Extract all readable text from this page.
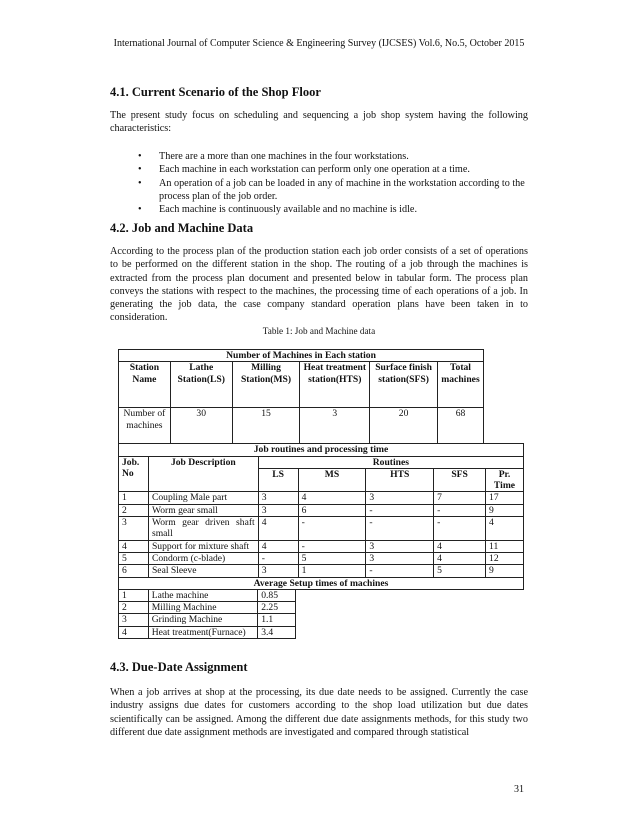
International Journal of Computer Science & Engineering Survey (IJCSES) Vol.6, No.5, October 2015
4.1. Current Scenario of the Shop Floor

The present study focus on scheduling and sequencing a job shop system having the following characteristics:

• There are a more than one machines in the four workstations.
• Each machine in each workstation can perform only one operation at a time.
• An operation of a job can be loaded in any of machine in the workstation according to the process plan of the job order.
• Each machine is continuously available and no machine is idle.
4.2. Job and Machine Data

According to the process plan of the production station each job order consists of a set of operations to be performed on the different station in the shop. The routing of a job through the machines is extracted from the process plan document and presented below in tabular form. The process plan conveys the stations with respect to the machines, the processing time of each operations of a job. In generating the job data, the case company standard operation plans have been taken in to consideration.

Table 1: Job and Machine data
Number of Machines in Each station					
Station Name	Lathe Station(LS)	Milling Station(MS)	Heat treatment station(HTS)	Surface finish station(SFS)	Total machines
Number of machines	30	15	3	20	68
Job routines and processing time						
Job. No	Job Description	Routines				
		LS	MS	HTS	SFS	Pr. Time
1	Coupling Male part	3	4	3	7	17
2	Worm gear small	3	6	-	-	9
3	Worm gear driven shaft small	4	-	-	-	4
4	Support for mixture shaft	4	-	3	4	11
5	Condorm (c-blade)	-	5	3	4	12
6	Seal Sleeve	3	1	-	5	9
Average Setup times of machines						
1	Lathe machine	0.85
2	Milling Machine	2.25
3	Grinding Machine	1.1
4	Heat treatment(Furnace)	3.4
4.3. Due-Date Assignment

When a job arrives at shop at the processing, its due date needs to be assigned. Currently the case industry assigns due dates for customers according to the shop load utilization but due dates scientifically can be assigned. Among the different due date assignments methods, for this study two different due date assignment methods are investigated and compared through statistical

31
